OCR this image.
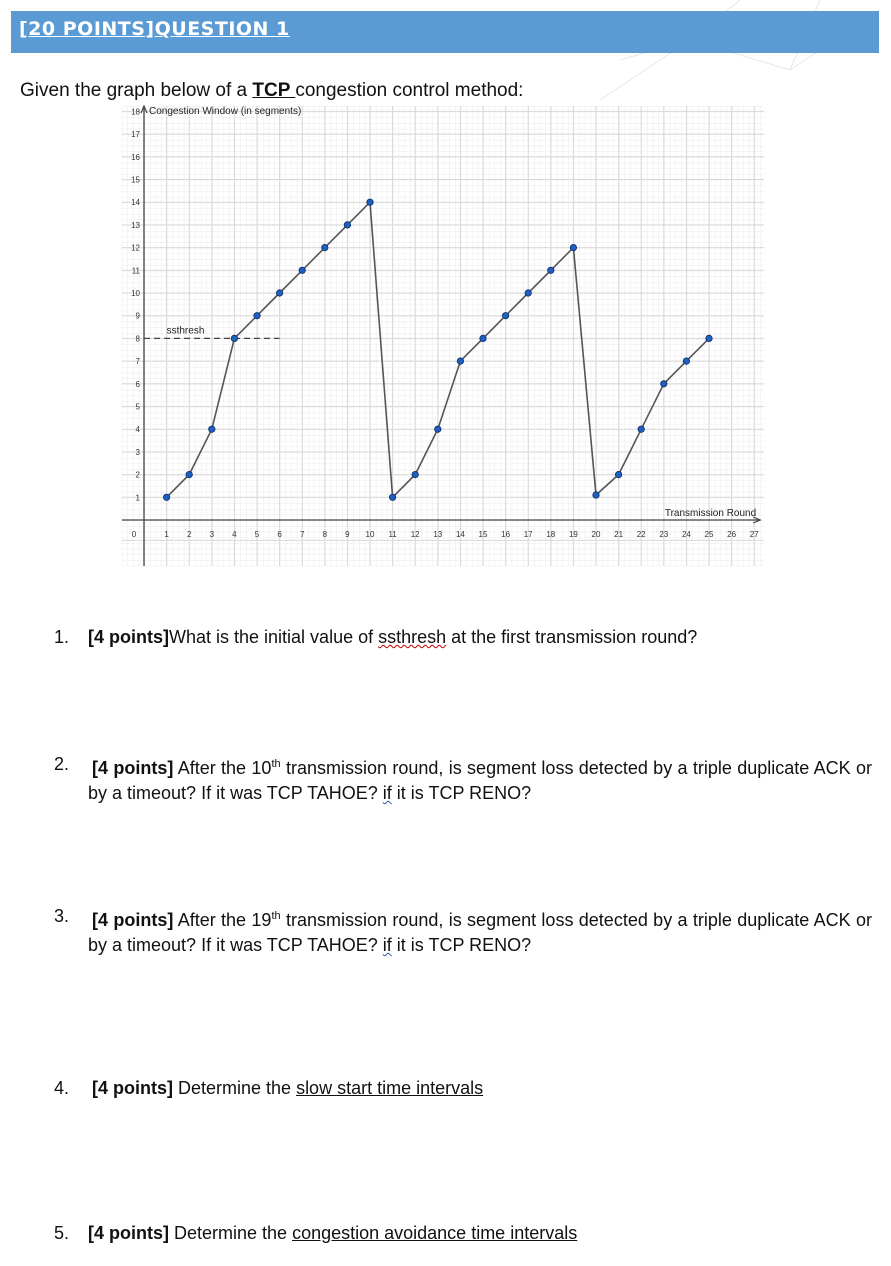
[20 POINTS]QUESTION 1
Given the graph below of a TCP congestion control method:
0	1 2 3 4 5 6 7 8 9 10 11 12 13 14 15 16 17 18 19 20 21 22 23 24 25 26 27
1
2
3
4
5
6
7
8
9
10
11
12
13
14
15
16
17
18
ssthresh
Congestion Window (in segments)
Transmission Round
1. [4 points]What is the initial value of ssthresh at the first transmission round?
2. [4 points] After the 10th transmission round, is segment loss detected by a triple duplicate ACK or by a timeout? If it was TCP TAHOE? if it is TCP RENO?
3. [4 points] After the 19th transmission round, is segment loss detected by a triple duplicate ACK or by a timeout? If it was TCP TAHOE? if it is TCP RENO?
4. [4 points] Determine the slow start time intervals
5. [4 points] Determine the congestion avoidance time intervals
